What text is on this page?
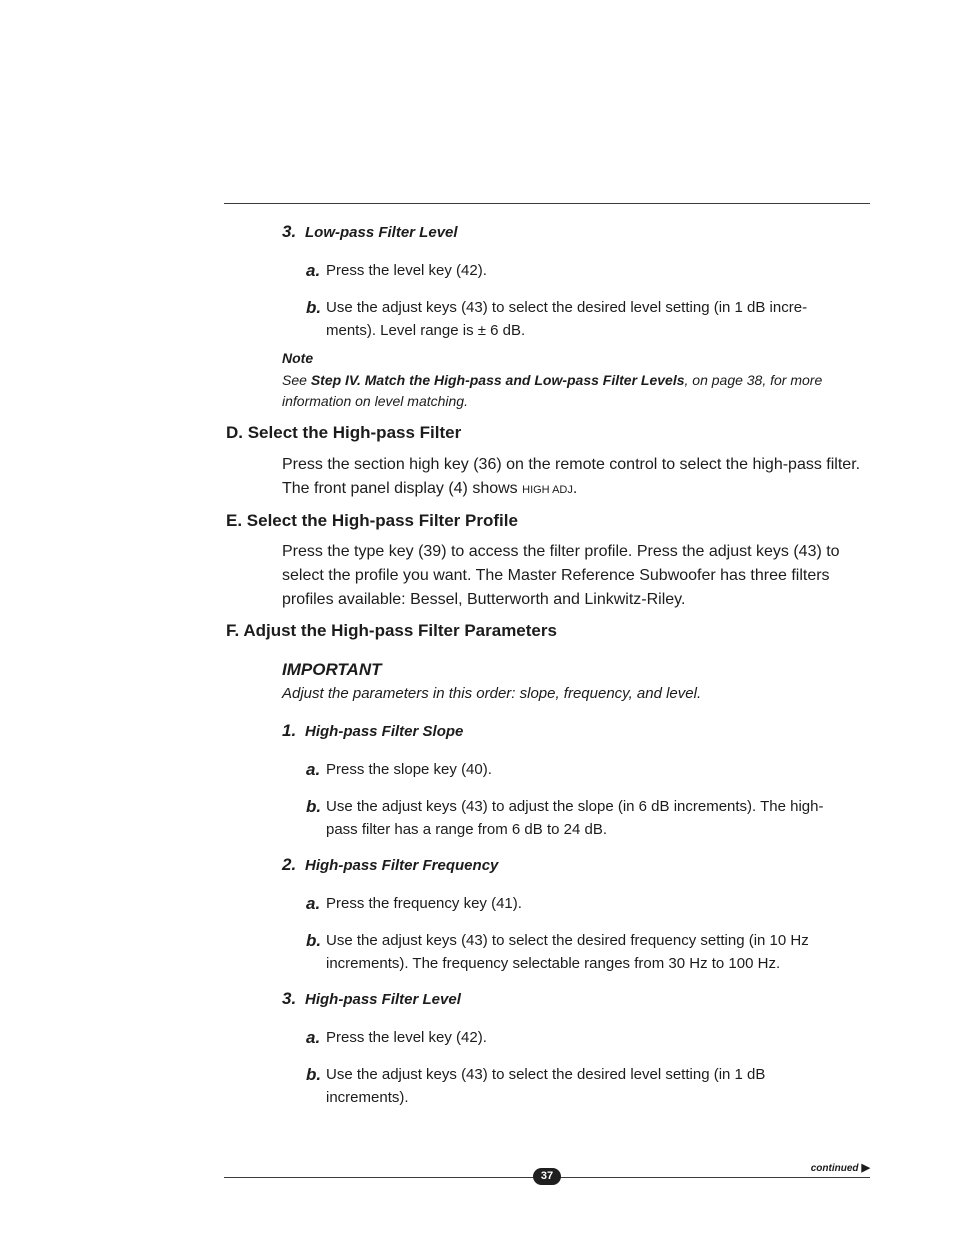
3. Low-pass Filter Level
a. Press the level key (42).
b. Use the adjust keys (43) to select the desired level setting (in 1 dB incre-ments). Level range is ± 6 dB.
Note
See Step IV. Match the High-pass and Low-pass Filter Levels, on page 38, for more information on level matching.
D. Select the High-pass Filter
Press the section high key (36) on the remote control to select the high-pass filter. The front panel display (4) shows HIGH ADJ.
E. Select the High-pass Filter Profile
Press the type key (39) to access the filter profile. Press the adjust keys (43) to select the profile you want. The Master Reference Subwoofer has three filters profiles available: Bessel, Butterworth and Linkwitz-Riley.
F. Adjust the High-pass Filter Parameters
IMPORTANT
Adjust the parameters in this order: slope, frequency, and level.
1. High-pass Filter Slope
a. Press the slope key (40).
b. Use the adjust keys (43) to adjust the slope (in 6 dB increments). The high-pass filter has a range from 6 dB to 24 dB.
2. High-pass Filter Frequency
a. Press the frequency key (41).
b. Use the adjust keys (43) to select the desired frequency setting (in 10 Hz increments). The frequency selectable ranges from 30 Hz to 100 Hz.
3. High-pass Filter Level
a. Press the level key (42).
b. Use the adjust keys (43) to select the desired level setting (in 1 dB increments).
continued ▶
37
